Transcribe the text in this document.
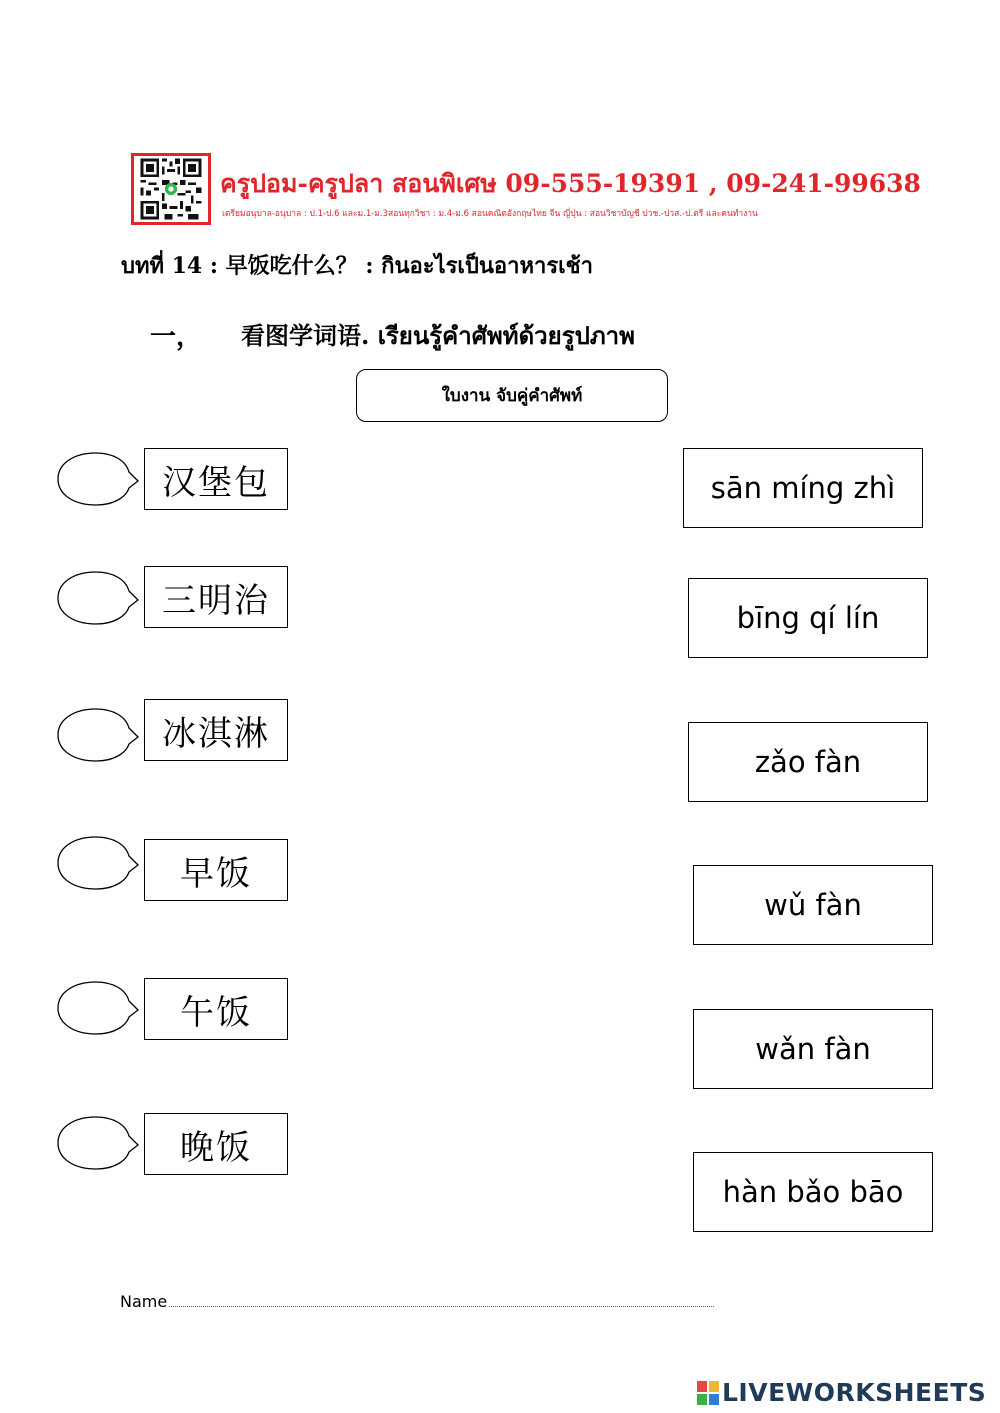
ครูปอม-ครูปลา สอนพิเศษ 09-555-19391 , 09-241-99638
เตรียมอนุบาล-อนุบาล : ป.1-ป.6 และม.1-ม.3สอนทุกวิชา : ม.4-ม.6 สอนคณิตอังกฤษไทย จีน ญี่ปุ่น : สอนวิชาบัญชี ปวช.-ปวส.-ป.ตรี และคนทำงาน
บทที่ 14 : 早饭吃什么？ : กินอะไรเป็นอาหารเช้า
一， 看图学词语. เรียนรู้คำศัพท์ด้วยรูปภาพ
ใบงาน จับคู่คำศัพท์
汉堡包
三明治
冰淇淋
早饭
午饭
晚饭
sān míng zhì
bīng qí lín
zǎo fàn
wǔ fàn
wǎn fàn
hàn bǎo bāo
Name
LIVEWORKSHEETS
